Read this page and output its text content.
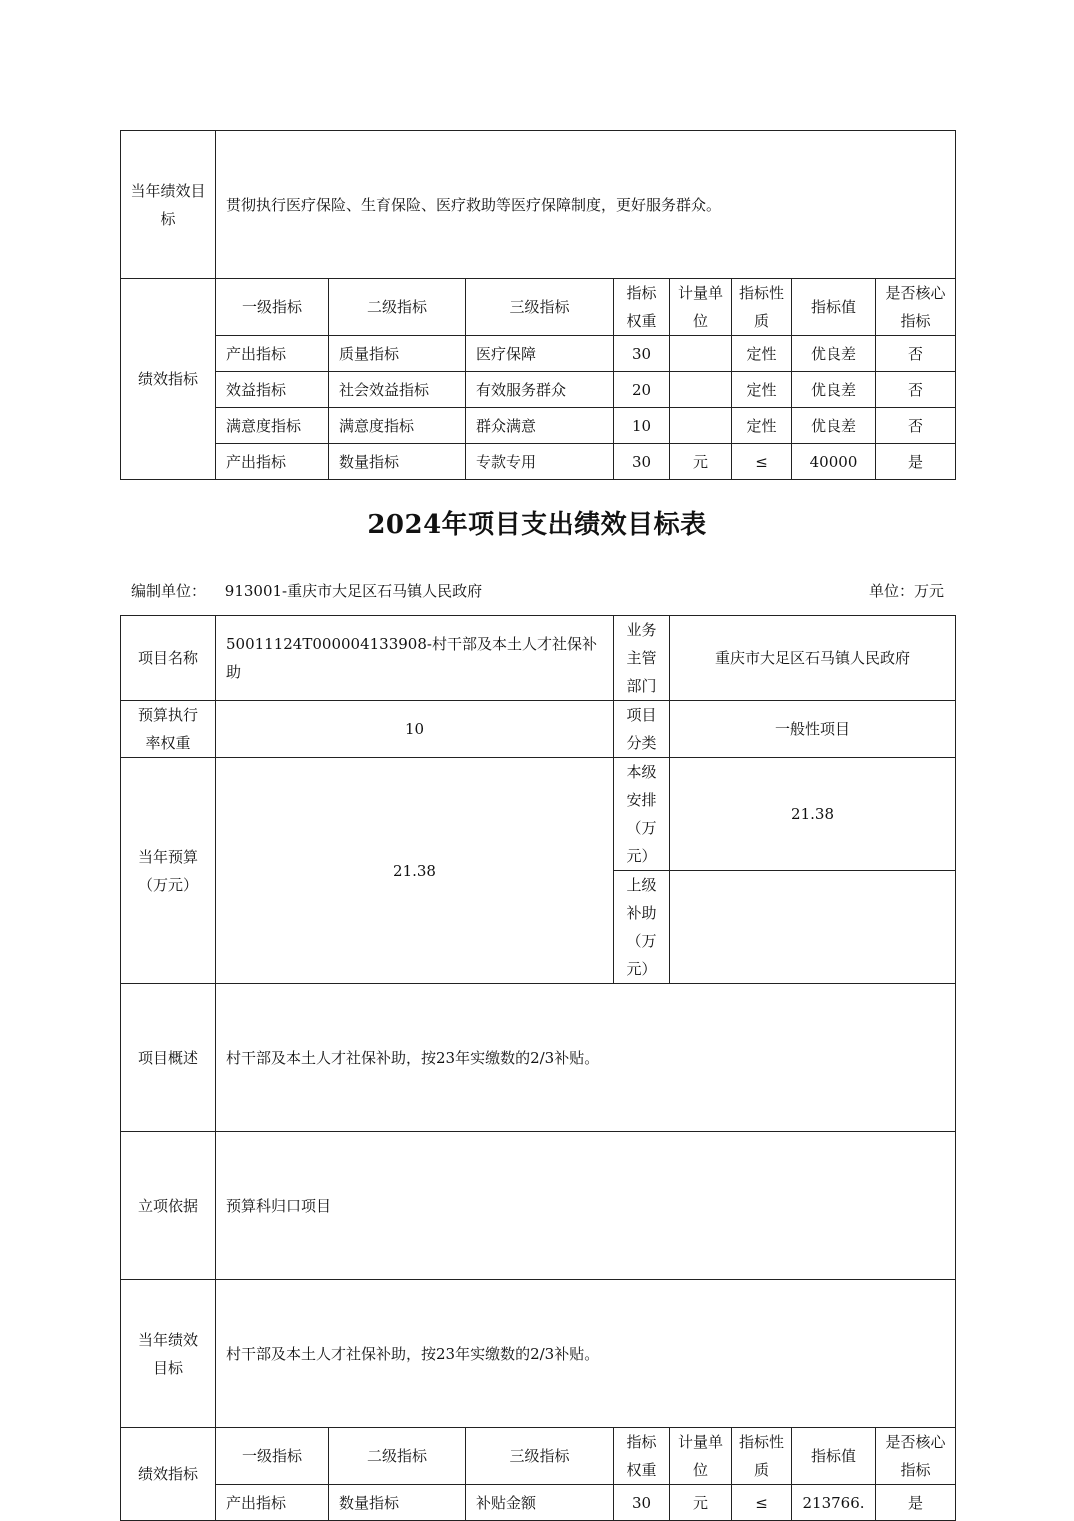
当年绩效目标	贯彻执行医疗保险、生育保险、医疗救助等医疗保障制度，更好服务群众。							
绩效指标	一级指标	二级指标	三级指标	指标权重	计量单位	指标性质	指标值	是否核心指标
	产出指标	质量指标	医疗保障	30		定性	优良差	否
	效益指标	社会效益指标	有效服务群众	20		定性	优良差	否
	满意度指标	满意度指标	群众满意	10		定性	优良差	否
	产出指标	数量指标	专款专用	30	元	≤	40000	是
2024年项目支出绩效目标表
编制单位： 913001-重庆市大足区石马镇人民政府	单位：万元
项目名称	50011124T000004133908-村干部及本土人才社保补助			业务主管部门	重庆市大足区石马镇人民政府			
预算执行率权重	10			项目分类	一般性项目			
当年预算（万元）	21.38			本级安排（万元）	21.38			
				上级补助（万元）				
项目概述	村干部及本土人才社保补助，按23年实缴数的2/3补贴。							
立项依据	预算科归口项目							
当年绩效目标	村干部及本土人才社保补助，按23年实缴数的2/3补贴。							
绩效指标	一级指标	二级指标	三级指标	指标权重	计量单位	指标性质	指标值	是否核心指标
	产出指标	数量指标	补贴金额	30	元	≤	213766.	是
